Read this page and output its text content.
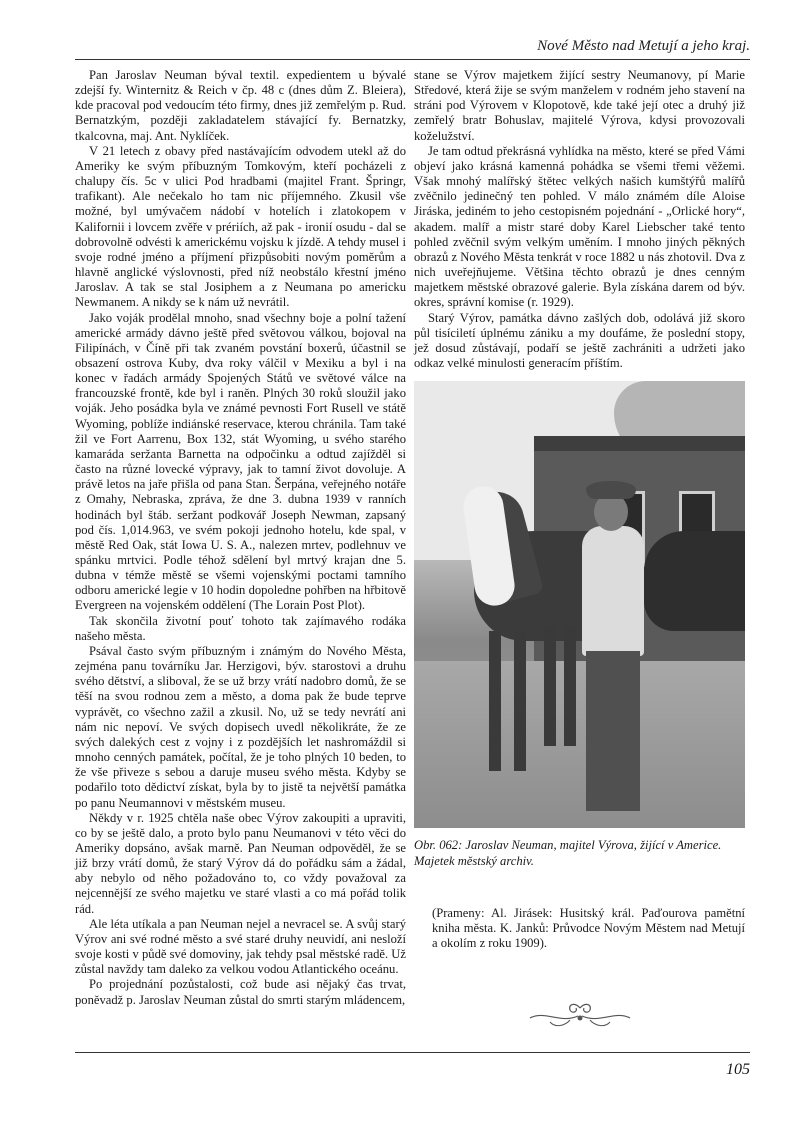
Nové Město nad Metují a jeho kraj.

Pan Jaroslav Neuman býval textil. expedientem u bývalé zdejší fy. Winternitz & Reich v čp. 48 c (dnes dům Z. Bleiera), kde pracoval pod vedoucím této firmy, dnes již zemřelým p. Rud. Bernatzkým, později zakladatelem stávající fy. Bernatzky, tkalcovna, maj. Ant. Nyklíček.

V 21 letech z obavy před nastávajícím odvodem utekl až do Ameriky ke svým příbuzným Tomkovým, kteří pocházeli z chalupy čís. 5c v ulici Pod hradbami (majitel Frant. Špringr, trafikant). Ale nečekalo ho tam nic příjemného. Zkusil vše možné, byl umývačem nádobí v hotelích i zlatokopem v Kalifornii i lovcem zvěře v prériích, až pak - ironií osudu - dal se dobrovolně odvésti k americkému vojsku k jízdě. A tehdy musel i svoje rodné jméno a příjmení přizpůsobiti novým poměrům a hlavně anglické výslovnosti, před níž neobstálo křestní jméno Jaroslav. A tak se stal Josiphem a z Neumana po americku Newmanem. A nikdy se k nám už nevrátil.

Jako voják prodělal mnoho, snad všechny boje a polní tažení americké armády dávno ještě před světovou válkou, bojoval na Filipínách, v Číně při tak zvaném povstání boxerů, účastnil se obsazení ostrova Kuby, dva roky válčil v Mexiku a byl i na konec v řadách armády Spojených Států ve světové válce na francouzské frontě, kde byl i raněn. Plných 30 roků sloužil jako voják. Jeho posádka byla ve známé pevnosti Fort Rusell ve státě Wyoming, poblíže indiánské reservace, kterou chránila. Tam také žil ve Fort Aarrenu, Box 132, stát Wyoming, u svého starého kamaráda seržanta Barnetta na odpočinku a odtud zajížděl si často na různé lovecké výpravy, jak to tamní život dovoluje. A právě letos na jaře přišla od pana Stan. Šerpána, veřejného notáře z Omahy, Nebraska, zpráva, že dne 3. dubna 1939 v ranních hodinách byl štáb. seržant podkovář Joseph Newman, zapsaný pod čís. 1,014.963, ve svém pokoji jednoho hotelu, kde spal, v městě Red Oak, stát Iowa U. S. A., nalezen mrtev, podlehnuv ve spánku mrtvici. Podle téhož sdělení byl mrtvý krajan dne 5. dubna v témže městě se všemi vojenskými poctami tamního odboru americké legie v 10 hodin dopoledne pohřben na hřbitově Evergreen na vojenském oddělení (The Lorain Post Plot).

Tak skončila životní pouť tohoto tak zajímavého rodáka našeho města.

Psával často svým příbuzným i známým do Nového Města, zejména panu továrníku Jar. Herzigovi, býv. starostovi a druhu svého dětství, a sliboval, že se už brzy vrátí nadobro domů, že se těší na svou rodnou zem a město, a doma pak že bude teprve vyprávět, co všechno zažil a zkusil. No, už se tedy nevrátí ani nám nic nepoví. Ve svých dopisech uvedl několikráte, že ze svých dalekých cest z vojny i z pozdějších let nashromáždil si mnoho cenných památek, počítal, že je toho plných 10 beden, to že vše přiveze s sebou a daruje museu svého města. Kdyby se podařilo toto dědictví získat, byla by to jistě ta největší památka po panu Neumannovi v městském museu.

Někdy v r. 1925 chtěla naše obec Výrov zakoupiti a upraviti, co by se ještě dalo, a proto bylo panu Neumanovi v této věci do Ameriky dopsáno, avšak marně. Pan Neuman odpověděl, že se již brzy vrátí domů, že starý Výrov dá do pořádku sám a žádal, aby nebylo od něho požadováno to, co vždy považoval za nejcennější ze svého majetku ve staré vlasti a co má pořád tolik rád.

Ale léta utíkala a pan Neuman nejel a nevracel se. A svůj starý Výrov ani své rodné město a své staré druhy neuvidí, ani nesloží svoje kosti v půdě své domoviny, jak tehdy psal městské radě. Už zůstal navždy tam daleko za velkou vodou Atlantického oceánu.

Po projednání pozůstalosti, což bude asi nějaký čas trvat, poněvadž p. Jaroslav Neuman zůstal do smrti starým mládencem,

stane se Výrov majetkem žijící sestry Neumanovy, pí Marie Středové, která žije se svým manželem v rodném jeho stavení na stráni pod Výrovem v Klopotově, kde také její otec a druhý již zemřelý bratr Bohuslav, majitelé Výrova, kdysi provozovali koželužství.

Je tam odtud překrásná vyhlídka na město, které se před Vámi objeví jako krásná kamenná pohádka se všemi třemi věžemi. Však mnohý malířský štětec velkých našich kumštýřů malířů zvěčnilo jedinečný ten pohled. V málo známém díle Aloise Jiráska, jediném to jeho cestopisném pojednání - „Orlické hory“, akadem. malíř a mistr staré doby Karel Liebscher také tento pohled zvěčnil svým velkým uměním. I mnoho jiných pěkných obrazů z Nového Města tenkrát v roce 1882 u nás zhotovil. Dva z nich uveřejňujeme. Většina těchto obrazů je dnes cenným majetkem městské obrazové galerie. Byla získána darem od býv. okres, správní komise (r. 1929).

Starý Výrov, památka dávno zašlých dob, odolává již skoro půl tisíciletí úplnému zániku a my doufáme, že poslední stopy, jež dosud zůstávají, podaří se ještě zachrániti a udržeti jako odkaz velké minulosti generacím příštím.

Obr. 062: Jaroslav Neuman, majitel Výrova, žijící v Americe. Majetek městský archiv.
(Prameny: Al. Jirásek: Husitský král. Paďourova pamětní kniha města. K. Janků: Průvodce Novým Městem nad Metují a okolím z roku 1909).
105
